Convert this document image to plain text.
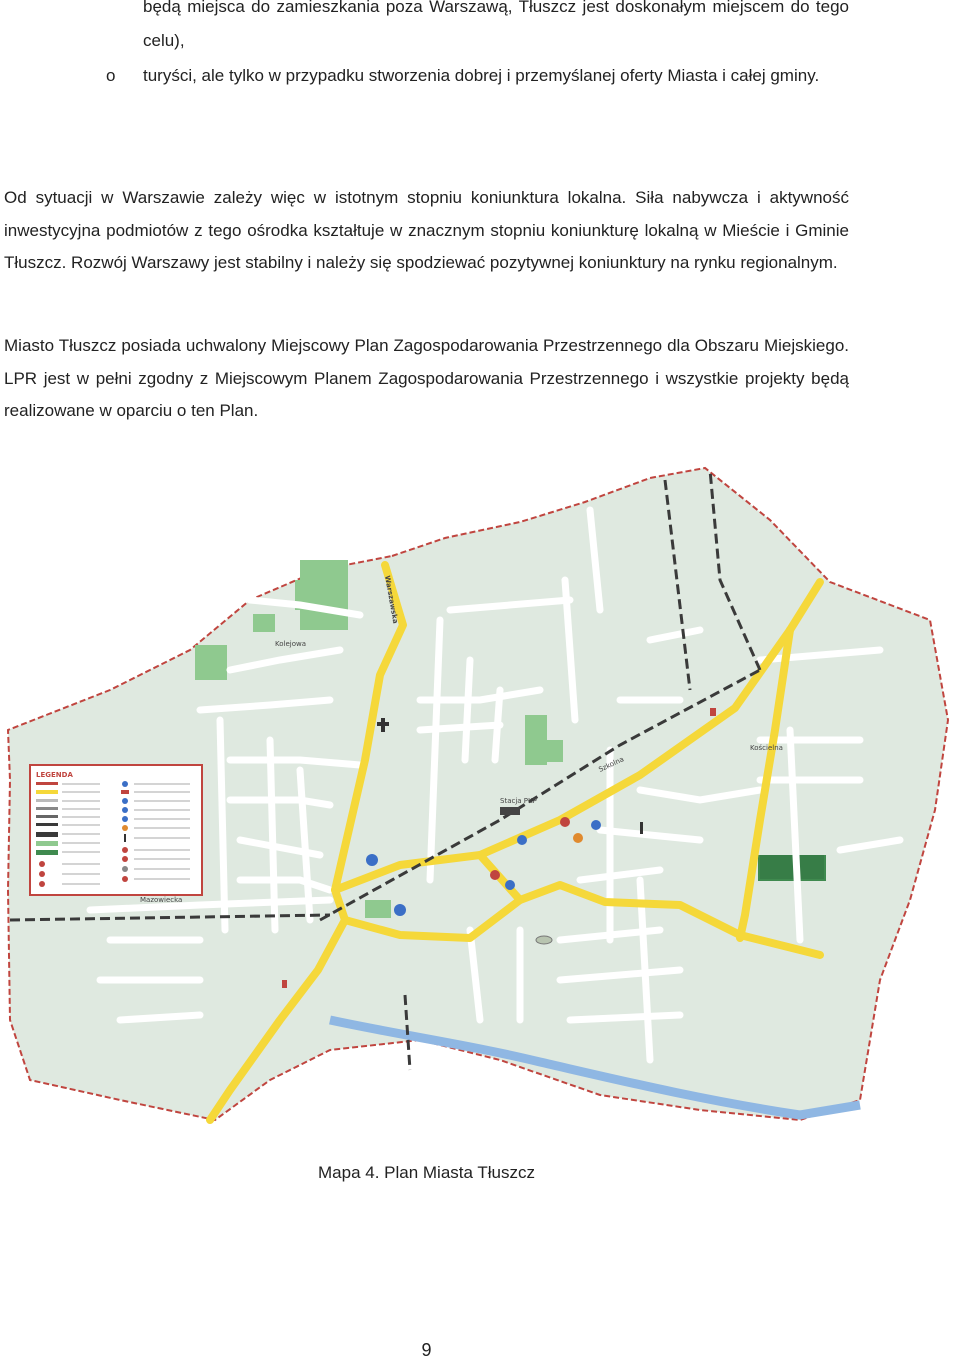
będą miejsca do zamieszkania poza Warszawą, Tłuszcz jest doskonałym miejscem do tego celu),
o turyści, ale tylko w przypadku stworzenia dobrej i przemyślanej oferty Miasta i całej gminy.
Od sytuacji w Warszawie zależy więc w istotnym stopniu koniunktura lokalna. Siła nabywcza i aktywność inwestycyjna podmiotów z tego ośrodka kształtuje w znacznym stopniu koniunkturę lokalną w Mieście i Gminie Tłuszcz. Rozwój Warszawy jest stabilny i należy się spodziewać pozytywnej koniunktury na rynku regionalnym.
Miasto Tłuszcz posiada uchwalony Miejscowy Plan Zagospodarowania Przestrzennego dla Obszaru Miejskiego. LPR jest w pełni zgodny z Miejscowym Planem Zagospodarowania Przestrzennego i wszystkie projekty będą realizowane w oparciu o ten Plan.
Kolejowa
Warszawska
Mazowiecka
Szkolna
Kościelna
Stacja PKP
LEGENDA
Mapa 4. Plan Miasta Tłuszcz
9
